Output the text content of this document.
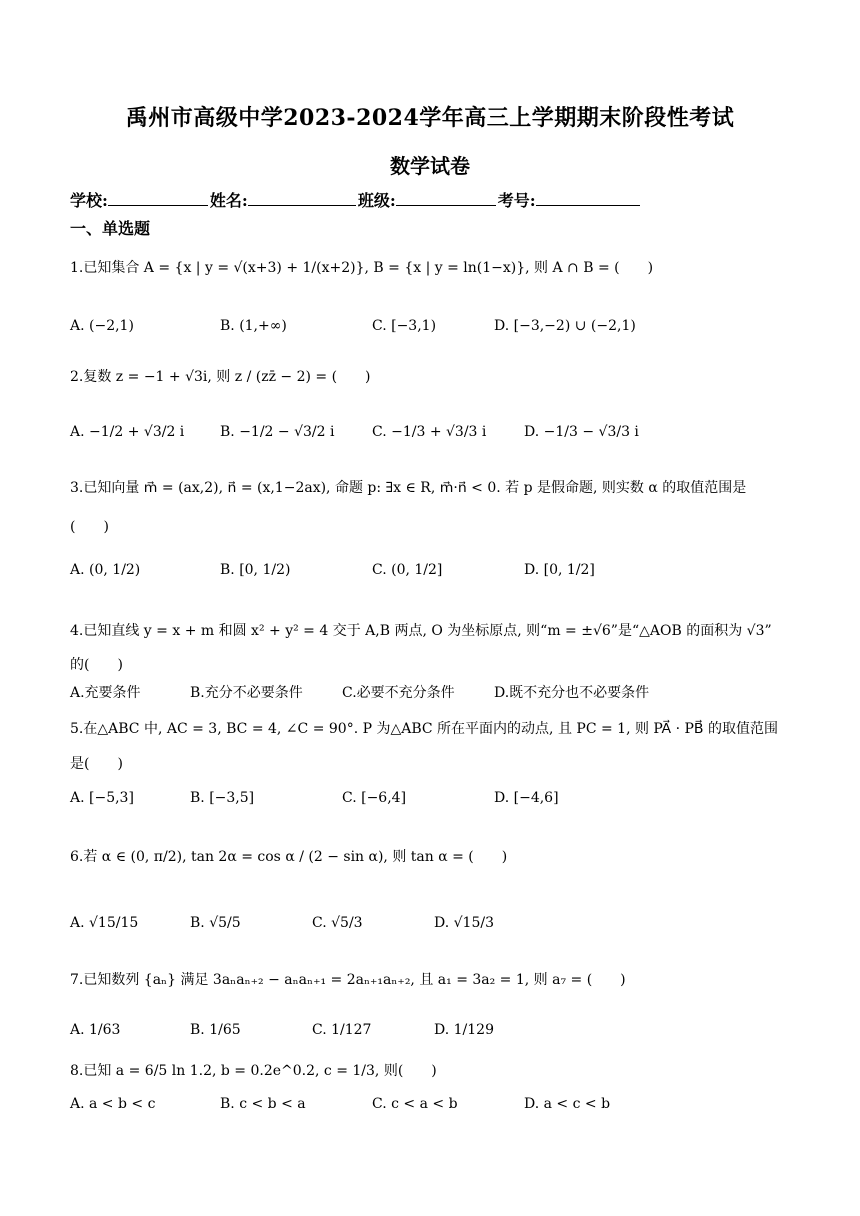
禹州市高级中学2023-2024学年高三上学期期末阶段性考试
数学试卷
学校:	姓名:	班级:	考号:
一、单选题
1.已知集合 A = {x | y = √(x+3) + 1/(x+2)}, B = {x | y = ln(1−x)}, 则 A ∩ B = (　　)
A. (−2,1)	B. (1,+∞)	C. [−3,1)	D. [−3,−2) ∪ (−2,1)
2.复数 z = −1 + √3i, 则 z / (zz̄ − 2) = (　　)
A. −1/2 + √3/2 i	B. −1/2 − √3/2 i	C. −1/3 + √3/3 i	D. −1/3 − √3/3 i
3.已知向量 m⃗ = (ax,2), n⃗ = (x,1−2ax), 命题 p: ∃x ∈ R, m⃗·n⃗ < 0. 若 p 是假命题, 则实数 α 的取值范围是
(　　)
A. (0, 1/2)	B. [0, 1/2)	C. (0, 1/2]	D. [0, 1/2]
4.已知直线 y = x + m 和圆 x² + y² = 4 交于 A,B 两点, O 为坐标原点, 则“m = ±√6”是“△AOB 的面积为 √3”
的(　　)
A.充要条件	B.充分不必要条件	C.必要不充分条件	D.既不充分也不必要条件
5.在△ABC 中, AC = 3, BC = 4, ∠C = 90°. P 为△ABC 所在平面内的动点, 且 PC = 1, 则 PA⃗ · PB⃗ 的取值范围
是(　　)
A. [−5,3]	B. [−3,5]	C. [−6,4]	D. [−4,6]
6.若 α ∈ (0, π/2), tan 2α = cos α / (2 − sin α), 则 tan α = (　　)
A. √15/15	B. √5/5	C. √5/3	D. √15/3
7.已知数列 {aₙ} 满足 3aₙaₙ₊₂ − aₙaₙ₊₁ = 2aₙ₊₁aₙ₊₂, 且 a₁ = 3a₂ = 1, 则 a₇ = (　　)
A. 1/63	B. 1/65	C. 1/127	D. 1/129
8.已知 a = 6/5 ln 1.2, b = 0.2e^0.2, c = 1/3, 则(　　)
A. a < b < c	B. c < b < a	C. c < a < b	D. a < c < b
